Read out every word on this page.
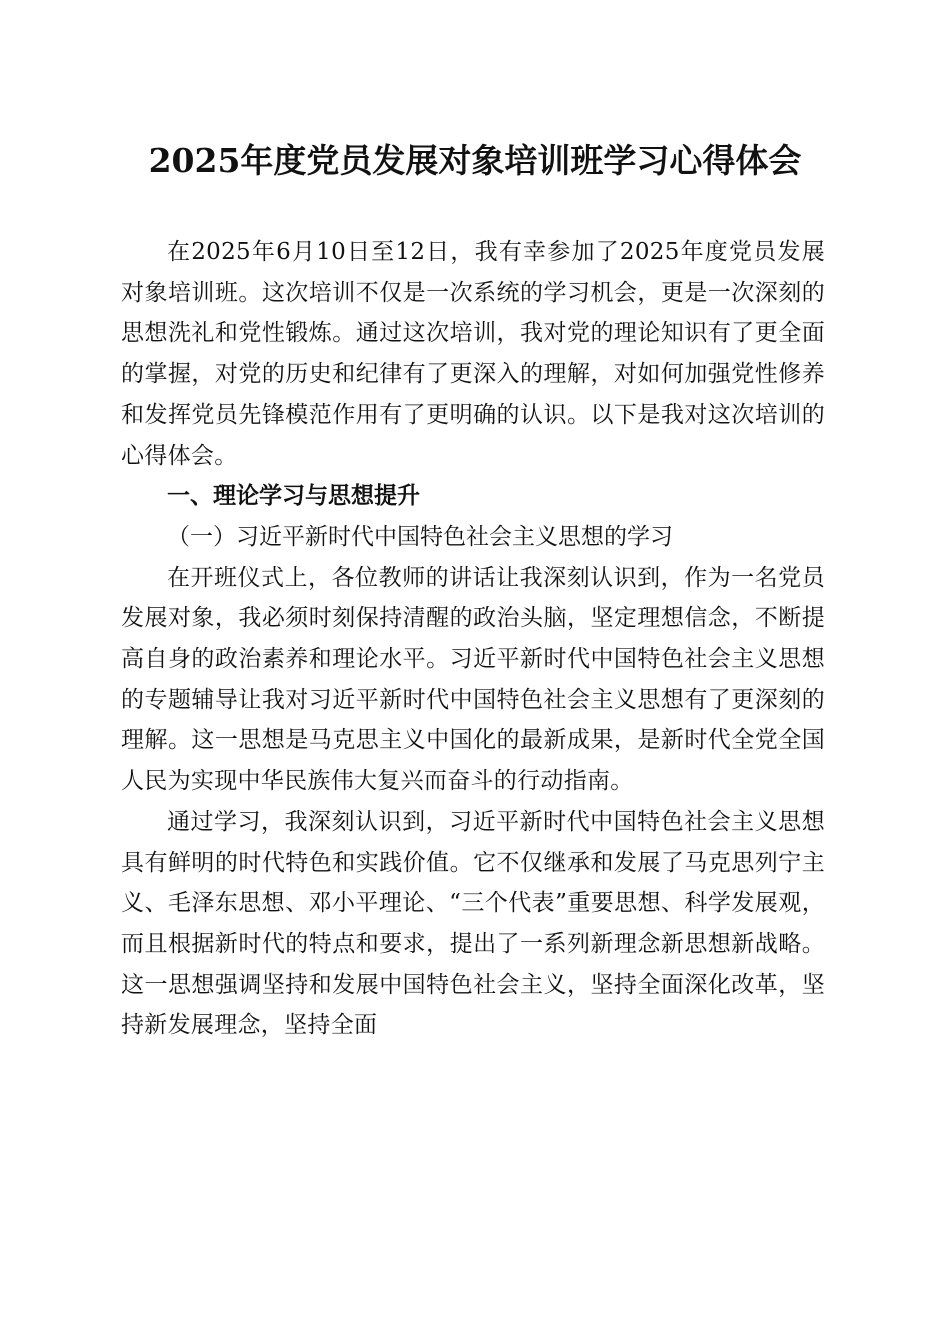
2025年度党员发展对象培训班学习心得体会

在2025年6月10日至12日，我有幸参加了2025年度党员发展对象培训班。这次培训不仅是一次系统的学习机会，更是一次深刻的思想洗礼和党性锻炼。通过这次培训，我对党的理论知识有了更全面的掌握，对党的历史和纪律有了更深入的理解，对如何加强党性修养和发挥党员先锋模范作用有了更明确的认识。以下是我对这次培训的心得体会。

一、理论学习与思想提升

（一）习近平新时代中国特色社会主义思想的学习

在开班仪式上，各位教师的讲话让我深刻认识到，作为一名党员发展对象，我必须时刻保持清醒的政治头脑，坚定理想信念，不断提高自身的政治素养和理论水平。习近平新时代中国特色社会主义思想的专题辅导让我对习近平新时代中国特色社会主义思想有了更深刻的理解。这一思想是马克思主义中国化的最新成果，是新时代全党全国人民为实现中华民族伟大复兴而奋斗的行动指南。

通过学习，我深刻认识到，习近平新时代中国特色社会主义思想具有鲜明的时代特色和实践价值。它不仅继承和发展了马克思列宁主义、毛泽东思想、邓小平理论、“三个代表”重要思想、科学发展观，而且根据新时代的特点和要求，提出了一系列新理念新思想新战略。这一思想强调坚持和发展中国特色社会主义，坚持全面深化改革，坚持新发展理念，坚持全面
